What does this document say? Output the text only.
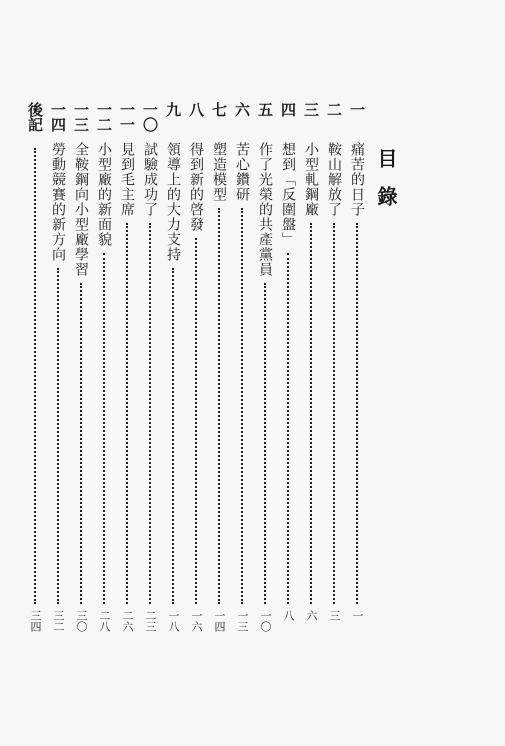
目錄
一
痛苦的日子
一
二
鞍山解放了
三
三
小型軋鋼廠
六
四
想到「反圍盤」
八
五
作了光榮的共產黨員
一〇
六
苦心鑽研
一三
七
塑造模型
一四
八
得到新的啓發
一六
九
領導上的大力支持
一八
一〇
試驗成功了
二三
一一
見到毛主席
二六
一二
小型廠的新面貌
二八
一三
全鞍鋼向小型廠學習
三〇
一四
勞動競賽的新方向
三二
後記
三四
